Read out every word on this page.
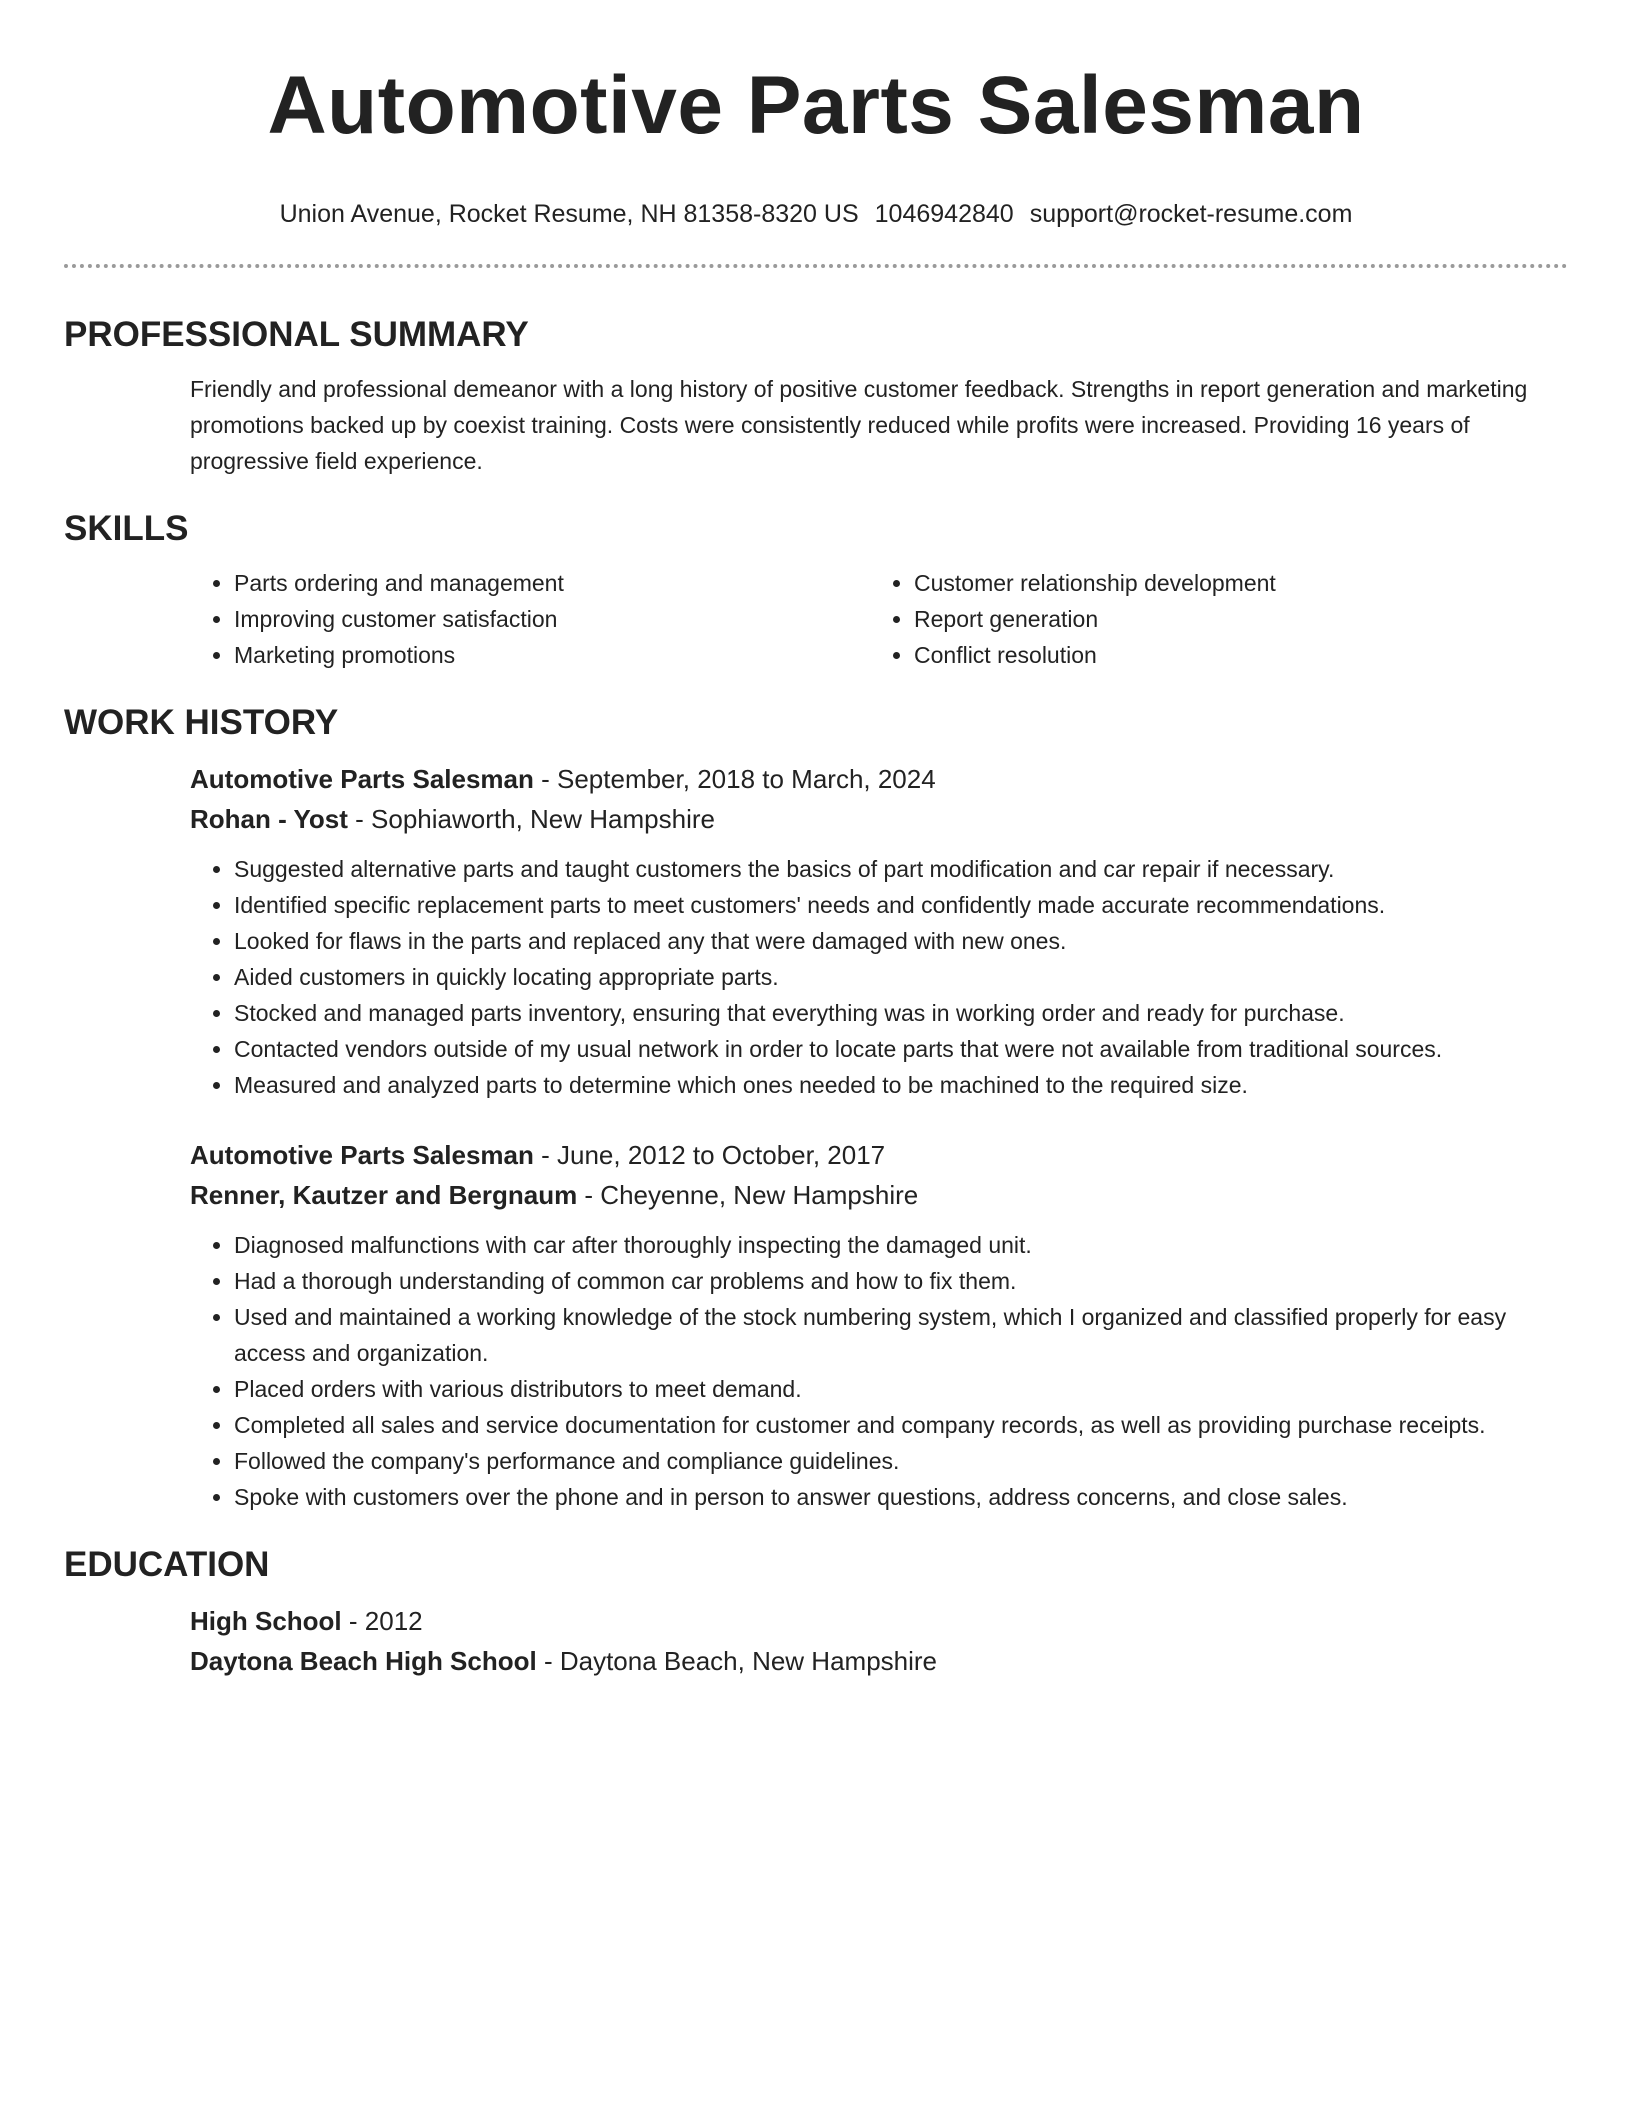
Automotive Parts Salesman
Union Avenue, Rocket Resume, NH 81358-8320 US 1046942840 support@rocket-resume.com
PROFESSIONAL SUMMARY

Friendly and professional demeanor with a long history of positive customer feedback. Strengths in report generation and marketing promotions backed up by coexist training. Costs were consistently reduced while profits were increased. Providing 16 years of progressive field experience.

SKILLS
• Parts ordering and management
• Improving customer satisfaction
• Marketing promotions
• Customer relationship development
• Report generation
• Conflict resolution
WORK HISTORY
Automotive Parts Salesman - September, 2018 to March, 2024
Rohan - Yost - Sophiaworth, New Hampshire
• Suggested alternative parts and taught customers the basics of part modification and car repair if necessary.
• Identified specific replacement parts to meet customers' needs and confidently made accurate recommendations.
• Looked for flaws in the parts and replaced any that were damaged with new ones.
• Aided customers in quickly locating appropriate parts.
• Stocked and managed parts inventory, ensuring that everything was in working order and ready for purchase.
• Contacted vendors outside of my usual network in order to locate parts that were not available from traditional sources.
• Measured and analyzed parts to determine which ones needed to be machined to the required size.
Automotive Parts Salesman - June, 2012 to October, 2017
Renner, Kautzer and Bergnaum - Cheyenne, New Hampshire
• Diagnosed malfunctions with car after thoroughly inspecting the damaged unit.
• Had a thorough understanding of common car problems and how to fix them.
• Used and maintained a working knowledge of the stock numbering system, which I organized and classified properly for easy access and organization.
• Placed orders with various distributors to meet demand.
• Completed all sales and service documentation for customer and company records, as well as providing purchase receipts.
• Followed the company's performance and compliance guidelines.
• Spoke with customers over the phone and in person to answer questions, address concerns, and close sales.
EDUCATION
High School - 2012
Daytona Beach High School - Daytona Beach, New Hampshire
